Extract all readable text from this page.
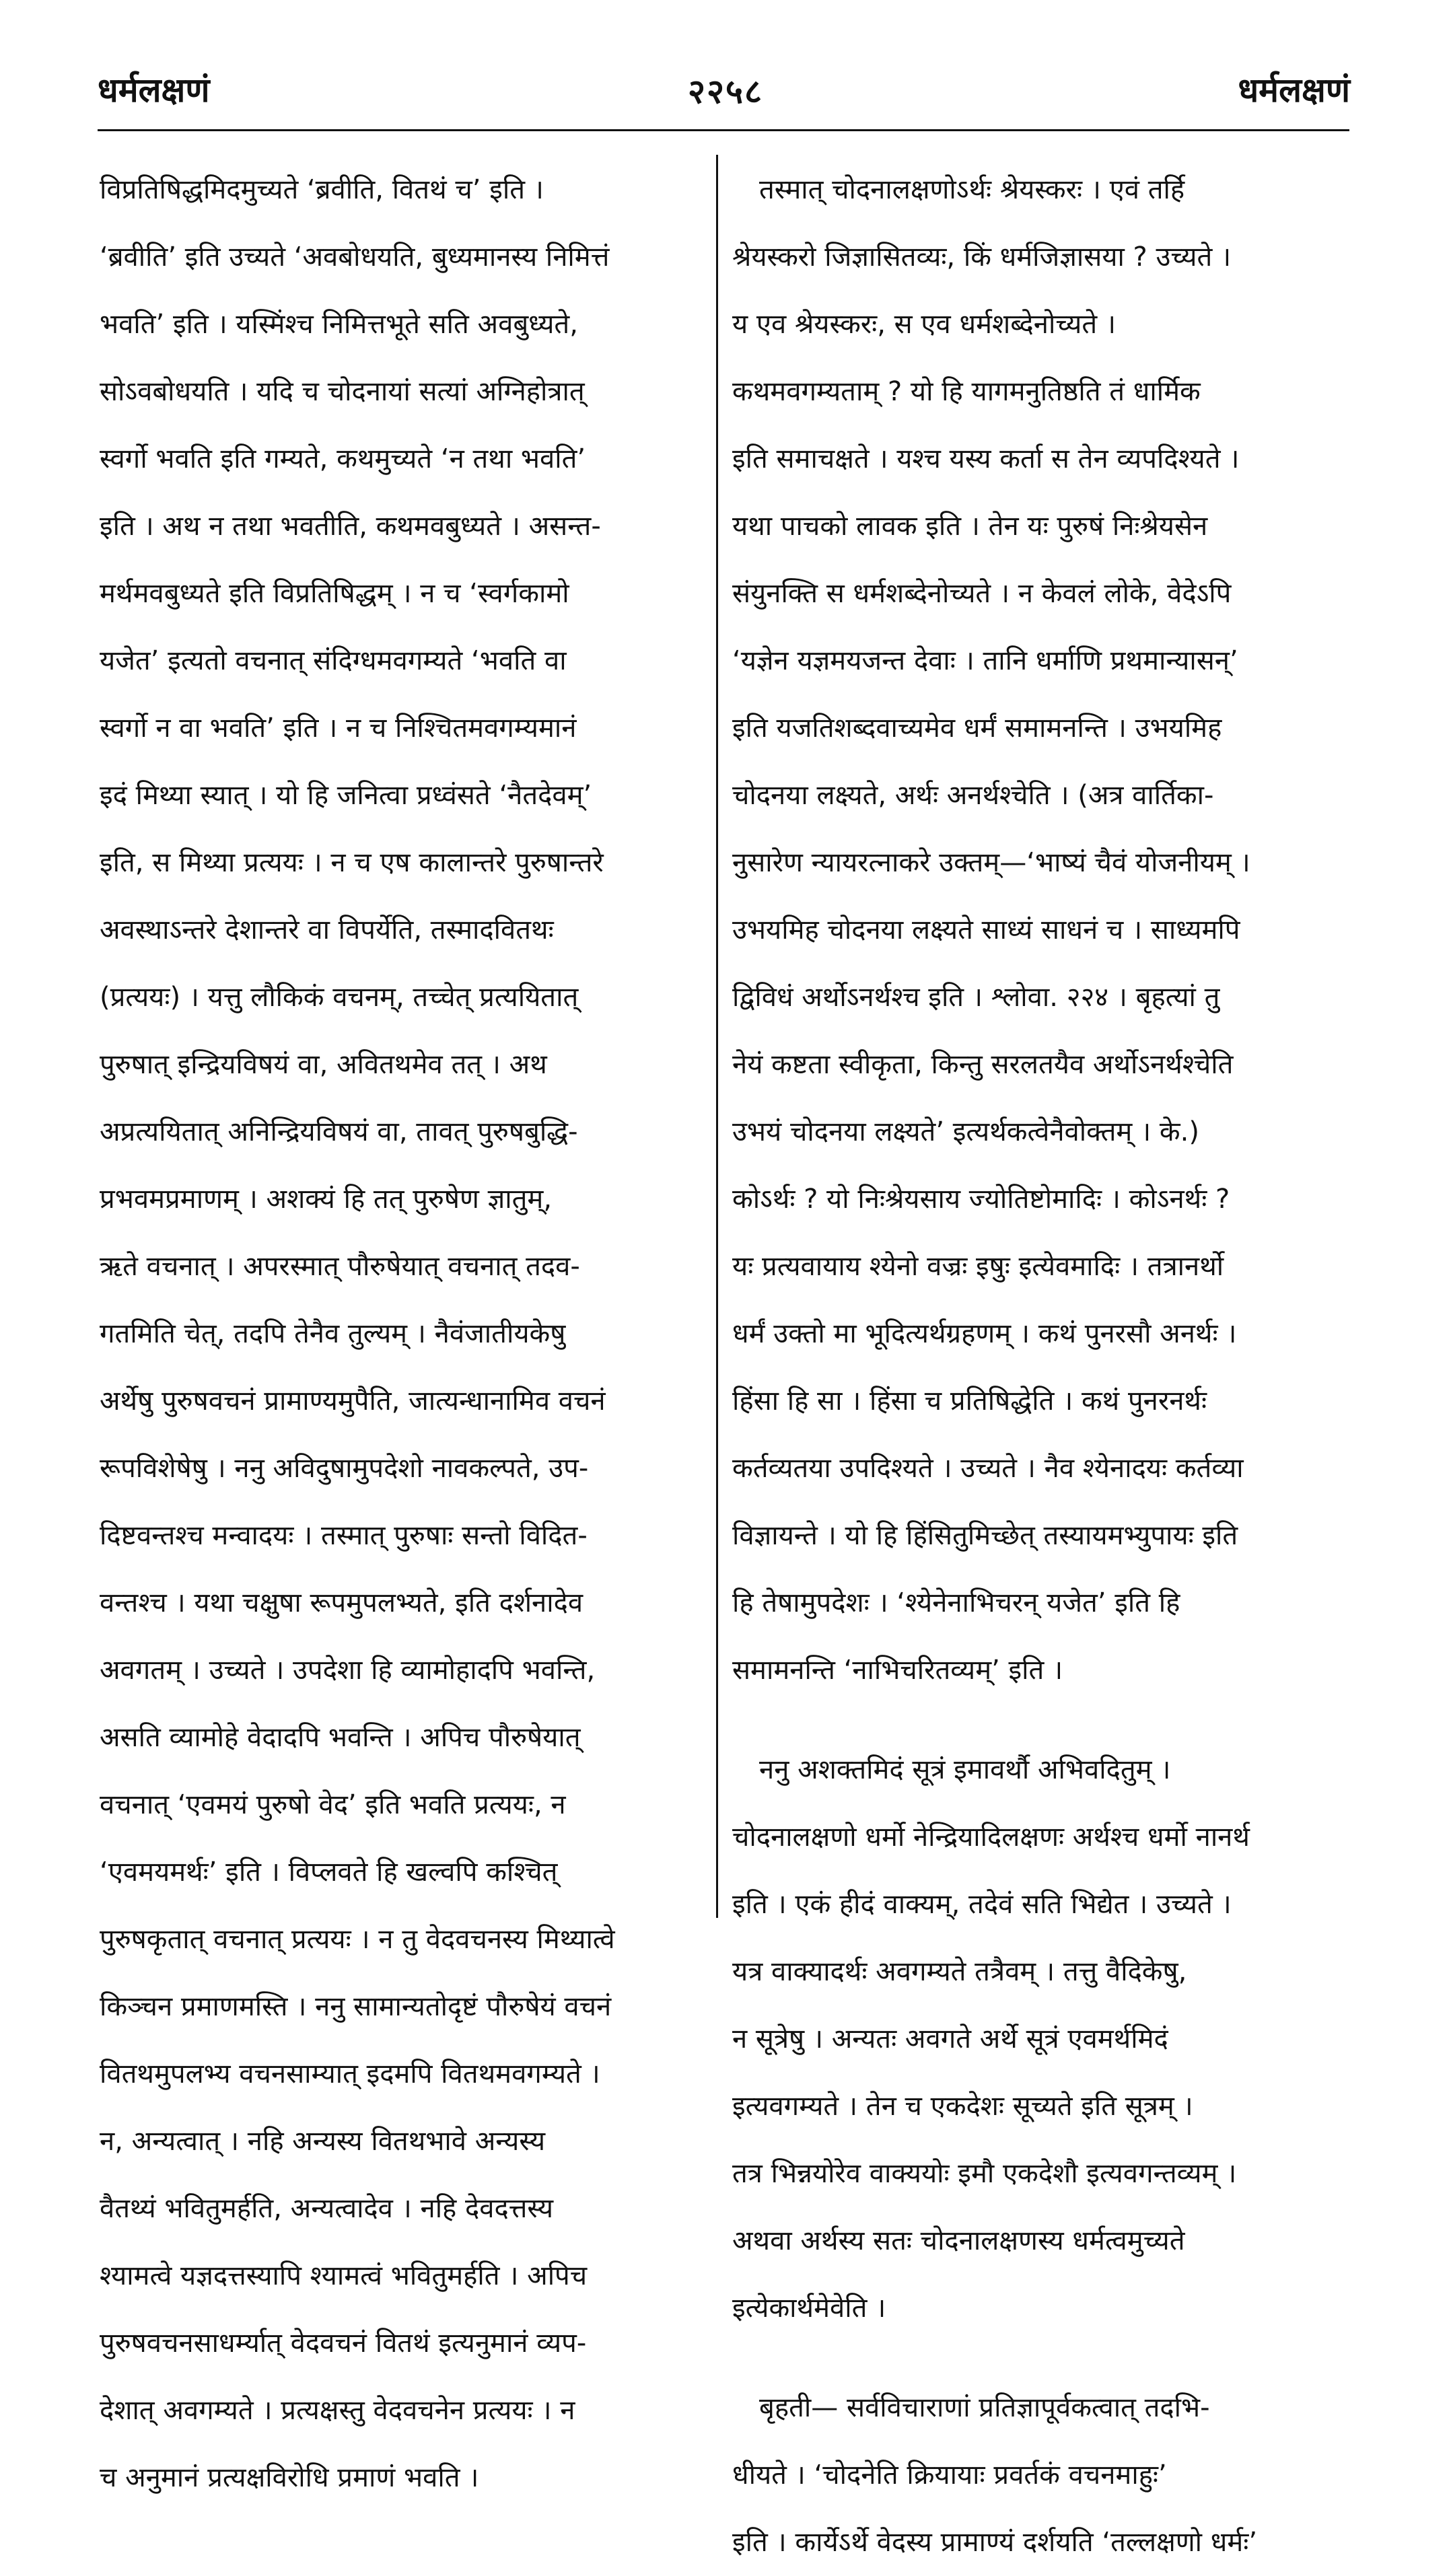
धर्मलक्षणं	२२५८	धर्मलक्षणं
विप्रतिषिद्धमिदमुच्यते ‘ब्रवीति, वितथं च’ इति ।
‘ब्रवीति’ इति उच्यते ‘अवबोधयति, बुध्यमानस्य निमित्तं
भवति’ इति । यस्मिंश्च निमित्तभूते सति अवबुध्यते,
सोऽवबोधयति । यदि च चोदनायां सत्यां अग्निहोत्रात्
स्वर्गो भवति इति गम्यते, कथमुच्यते ‘न तथा भवति’
इति । अथ न तथा भवतीति, कथमवबुध्यते । असन्त-
मर्थमवबुध्यते इति विप्रतिषिद्धम् । न च ‘स्वर्गकामो
यजेत’ इत्यतो वचनात् संदिग्धमवगम्यते ‘भवति वा
स्वर्गो न वा भवति’ इति । न च निश्चितमवगम्यमानं
इदं मिथ्या स्यात् । यो हि जनित्वा प्रध्वंसते ‘नैतदेवम्’
इति, स मिथ्या प्रत्ययः । न च एष कालान्तरे पुरुषान्तरे
अवस्थाऽन्तरे देशान्तरे वा विपर्येति, तस्मादवितथः
(प्रत्ययः) । यत्तु लौकिकं वचनम्, तच्चेत् प्रत्ययितात्
पुरुषात् इन्द्रियविषयं वा, अवितथमेव तत् । अथ
अप्रत्ययितात् अनिन्द्रियविषयं वा, तावत् पुरुषबुद्धि-
प्रभवमप्रमाणम् । अशक्यं हि तत् पुरुषेण ज्ञातुम्,
ऋते वचनात् । अपरस्मात् पौरुषेयात् वचनात् तदव-
गतमिति चेत्, तदपि तेनैव तुल्यम् । नैवंजातीयकेषु
अर्थेषु पुरुषवचनं प्रामाण्यमुपैति, जात्यन्धानामिव वचनं
रूपविशेषेषु । ननु अविदुषामुपदेशो नावकल्पते, उप-
दिष्टवन्तश्च मन्वादयः । तस्मात् पुरुषाः सन्तो विदित-
वन्तश्च । यथा चक्षुषा रूपमुपलभ्यते, इति दर्शनादेव
अवगतम् । उच्यते । उपदेशा हि व्यामोहादपि भवन्ति,
असति व्यामोहे वेदादपि भवन्ति । अपिच पौरुषेयात्
वचनात् ‘एवमयं पुरुषो वेद’ इति भवति प्रत्ययः, न
‘एवमयमर्थः’ इति । विप्लवते हि खल्वपि कश्चित्
पुरुषकृतात् वचनात् प्रत्ययः । न तु वेदवचनस्य मिथ्यात्वे
किञ्चन प्रमाणमस्ति । ननु सामान्यतोदृष्टं पौरुषेयं वचनं
वितथमुपलभ्य वचनसाम्यात् इदमपि वितथमवगम्यते ।
न, अन्यत्वात् । नहि अन्यस्य वितथभावे अन्यस्य
वैतथ्यं भवितुमर्हति, अन्यत्वादेव । नहि देवदत्तस्य
श्यामत्वे यज्ञदत्तस्यापि श्यामत्वं भवितुमर्हति । अपिच
पुरुषवचनसाधर्म्यात् वेदवचनं वितथं इत्यनुमानं व्यप-
देशात् अवगम्यते । प्रत्यक्षस्तु वेदवचनेन प्रत्ययः । न
च अनुमानं प्रत्यक्षविरोधि प्रमाणं भवति ।
तस्मात् चोदनालक्षणोऽर्थः श्रेयस्करः । एवं तर्हि
श्रेयस्करो जिज्ञासितव्यः, किं धर्मजिज्ञासया ? उच्यते ।
य एव श्रेयस्करः, स एव धर्मशब्देनोच्यते ।
कथमवगम्यताम् ? यो हि यागमनुतिष्ठति तं धार्मिक
इति समाचक्षते । यश्च यस्य कर्ता स तेन व्यपदिश्यते ।
यथा पाचको लावक इति । तेन यः पुरुषं निःश्रेयसेन
संयुनक्ति स धर्मशब्देनोच्यते । न केवलं लोके, वेदेऽपि
‘यज्ञेन यज्ञमयजन्त देवाः । तानि धर्माणि प्रथमान्यासन्’
इति यजतिशब्दवाच्यमेव धर्मं समामनन्ति । उभयमिह
चोदनया लक्ष्यते, अर्थः अनर्थश्चेति । (अत्र वार्तिका-
नुसारेण न्यायरत्नाकरे उक्तम्—‘भाष्यं चैवं योजनीयम् ।
उभयमिह चोदनया लक्ष्यते साध्यं साधनं च । साध्यमपि
द्विविधं अर्थोऽनर्थश्च इति । श्लोवा. २२४ । बृहत्यां तु
नेयं कष्टता स्वीकृता, किन्तु सरलतयैव अर्थोऽनर्थश्चेति
उभयं चोदनया लक्ष्यते’ इत्यर्थकत्वेनैवोक्तम् । के.)
कोऽर्थः ? यो निःश्रेयसाय ज्योतिष्टोमादिः । कोऽनर्थः ?
यः प्रत्यवायाय श्येनो वज्रः इषुः इत्येवमादिः । तत्रानर्थो
धर्मं उक्तो मा भूदित्यर्थग्रहणम् । कथं पुनरसौ अनर्थः ।
हिंसा हि सा । हिंसा च प्रतिषिद्धेति । कथं पुनरनर्थः
कर्तव्यतया उपदिश्यते । उच्यते । नैव श्येनादयः कर्तव्या
विज्ञायन्ते । यो हि हिंसितुमिच्छेत् तस्यायमभ्युपायः इति
हि तेषामुपदेशः । ‘श्येनेनाभिचरन् यजेत’ इति हि
समामनन्ति ‘नाभिचरितव्यम्’ इति ।
ननु अशक्तमिदं सूत्रं इमावर्थौ अभिवदितुम् ।
चोदनालक्षणो धर्मो नेन्द्रियादिलक्षणः अर्थश्च धर्मो नानर्थ
इति । एकं हीदं वाक्यम्, तदेवं सति भिद्येत । उच्यते ।
यत्र वाक्यादर्थः अवगम्यते तत्रैवम् । तत्तु वैदिकेषु,
न सूत्रेषु । अन्यतः अवगते अर्थे सूत्रं एवमर्थमिदं
इत्यवगम्यते । तेन च एकदेशः सूच्यते इति सूत्रम् ।
तत्र भिन्नयोरेव वाक्ययोः इमौ एकदेशौ इत्यवगन्तव्यम् ।
अथवा अर्थस्य सतः चोदनालक्षणस्य धर्मत्वमुच्यते
इत्येकार्थमेवेति ।
बृहती— सर्वविचाराणां प्रतिज्ञापूर्वकत्वात् तदभि-
धीयते । ‘चोदनेति क्रियायाः प्रवर्तकं वचनमाहुः’
इति । कार्येऽर्थे वेदस्य प्रामाण्यं दर्शयति ‘तल्लक्षणो धर्मः’
